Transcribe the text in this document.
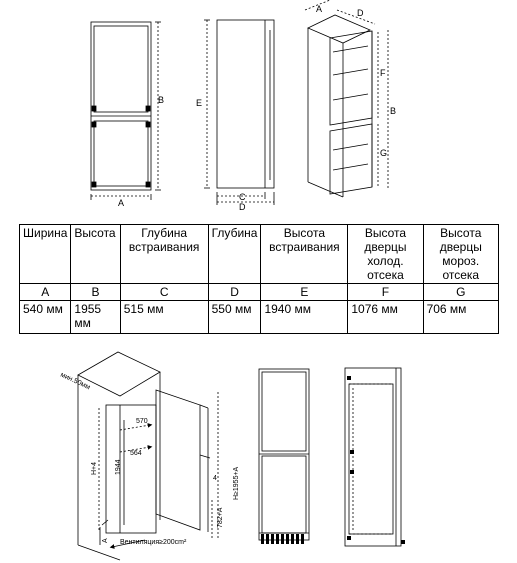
A
B	E
C
D
A	D
F
B
G
мин.50мм
570
564
1944
H+4	H≥1955+A
4
782+A
A Вентиляция≥200cm²
Ширина	Высота	Глубина встраивания	Глубина	Высота встраивания	Высота дверцы холод. отсека	Высота дверцы мороз. отсека
A	B	C	D	E	F	G
540 мм	1955 мм	515 мм	550 мм	1940 мм	1076 мм	706 мм
